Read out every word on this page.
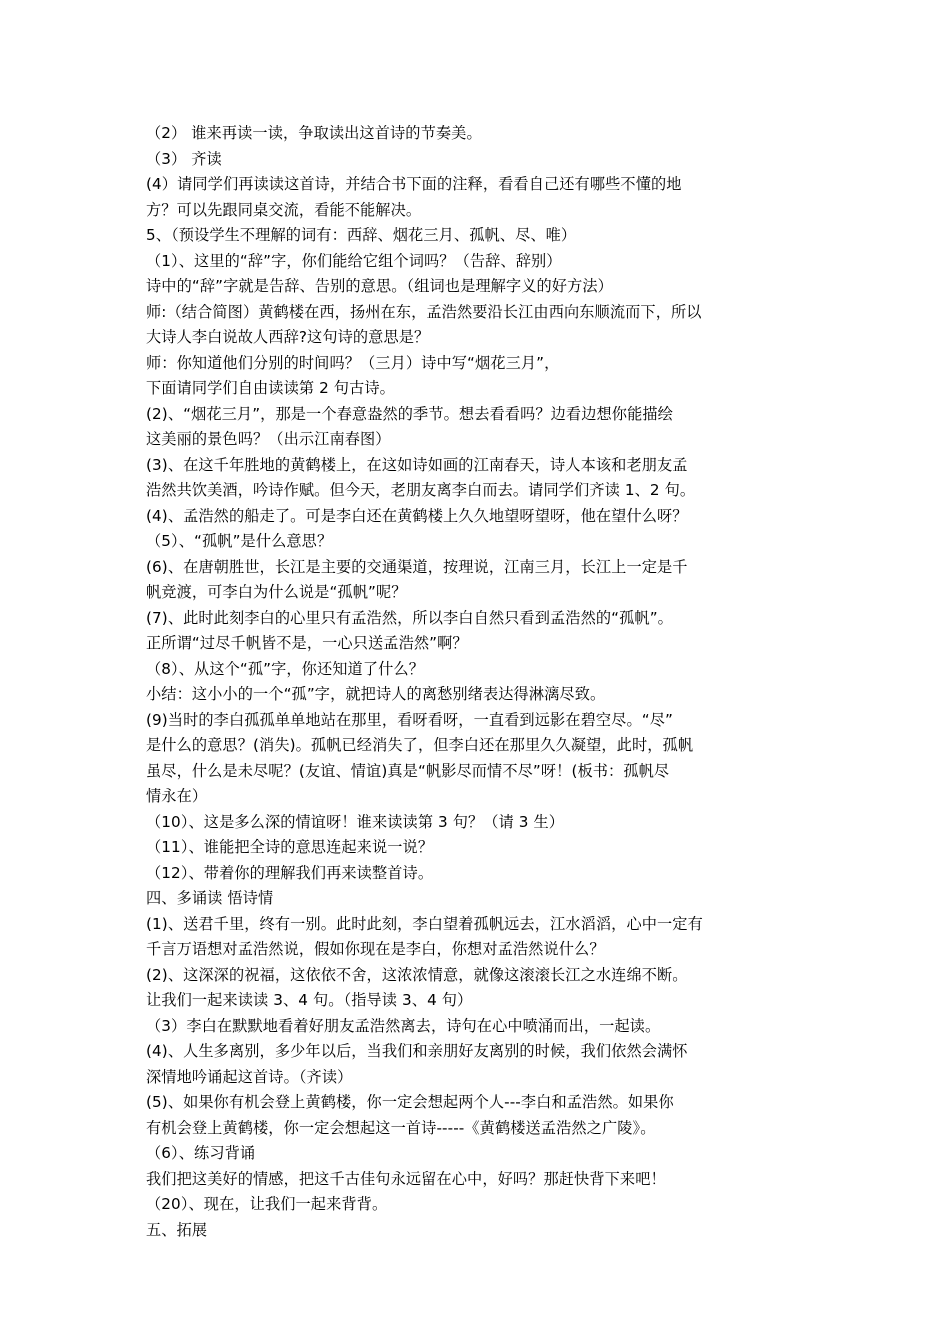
（2） 谁来再读一读，争取读出这首诗的节奏美。
（3） 齐读
(4）请同学们再读读这首诗，并结合书下面的注释，看看自己还有哪些不懂的地
方？可以先跟同桌交流，看能不能解决。
5、（预设学生不理解的词有：西辞、烟花三月、孤帆、尽、唯）
（1）、这里的“辞”字，你们能给它组个词吗？（告辞、辞别）
诗中的“辞”字就是告辞、告别的意思。（组词也是理解字义的好方法）
师:（结合简图）黄鹤楼在西，扬州在东，孟浩然要沿长江由西向东顺流而下，所以
大诗人李白说故人西辞?这句诗的意思是？
师：你知道他们分别的时间吗？（三月）诗中写“烟花三月”，
下面请同学们自由读读第 2 句古诗。
(2)、“烟花三月”，那是一个春意盎然的季节。想去看看吗？边看边想你能描绘
这美丽的景色吗？（出示江南春图）
(3)、在这千年胜地的黄鹤楼上，在这如诗如画的江南春天，诗人本该和老朋友孟
浩然共饮美酒，吟诗作赋。但今天，老朋友离李白而去。请同学们齐读 1、2 句。
(4)、孟浩然的船走了。可是李白还在黄鹤楼上久久地望呀望呀，他在望什么呀？
（5）、“孤帆”是什么意思？
(6)、在唐朝胜世，长江是主要的交通渠道，按理说，江南三月，长江上一定是千
帆竞渡，可李白为什么说是“孤帆”呢？
(7)、此时此刻李白的心里只有孟浩然，所以李白自然只看到孟浩然的“孤帆”。
正所谓“过尽千帆皆不是，一心只送孟浩然”啊？
（8）、从这个“孤”字，你还知道了什么？
小结：这小小的一个“孤”字，就把诗人的离愁别绪表达得淋漓尽致。
(9)当时的李白孤孤单单地站在那里，看呀看呀，一直看到远影在碧空尽。“尽”
是什么的意思？(消失)。孤帆已经消失了，但李白还在那里久久凝望，此时，孤帆
虽尽，什么是未尽呢？(友谊、情谊)真是“帆影尽而情不尽”呀！(板书：孤帆尽
情永在）
（10）、这是多么深的情谊呀！谁来读读第 3 句？（请 3 生）
（11）、谁能把全诗的意思连起来说一说？
（12）、带着你的理解我们再来读整首诗。
四、多诵读 悟诗情
(1)、送君千里，终有一别。此时此刻，李白望着孤帆远去，江水滔滔，心中一定有
千言万语想对孟浩然说，假如你现在是李白，你想对孟浩然说什么？
(2)、这深深的祝福，这依依不舍，这浓浓情意，就像这滚滚长江之水连绵不断。
让我们一起来读读 3、4 句。（指导读 3、4 句）
（3）李白在默默地看着好朋友孟浩然离去，诗句在心中喷涌而出，一起读。
(4)、人生多离别，多少年以后，当我们和亲朋好友离别的时候，我们依然会满怀
深情地吟诵起这首诗。（齐读）
(5)、如果你有机会登上黄鹤楼，你一定会想起两个人---李白和孟浩然。如果你
有机会登上黄鹤楼，你一定会想起这一首诗-----《黄鹤楼送孟浩然之广陵》。
（6）、练习背诵
我们把这美好的情感，把这千古佳句永远留在心中，好吗？那赶快背下来吧！
（20）、现在，让我们一起来背背。
五、拓展
